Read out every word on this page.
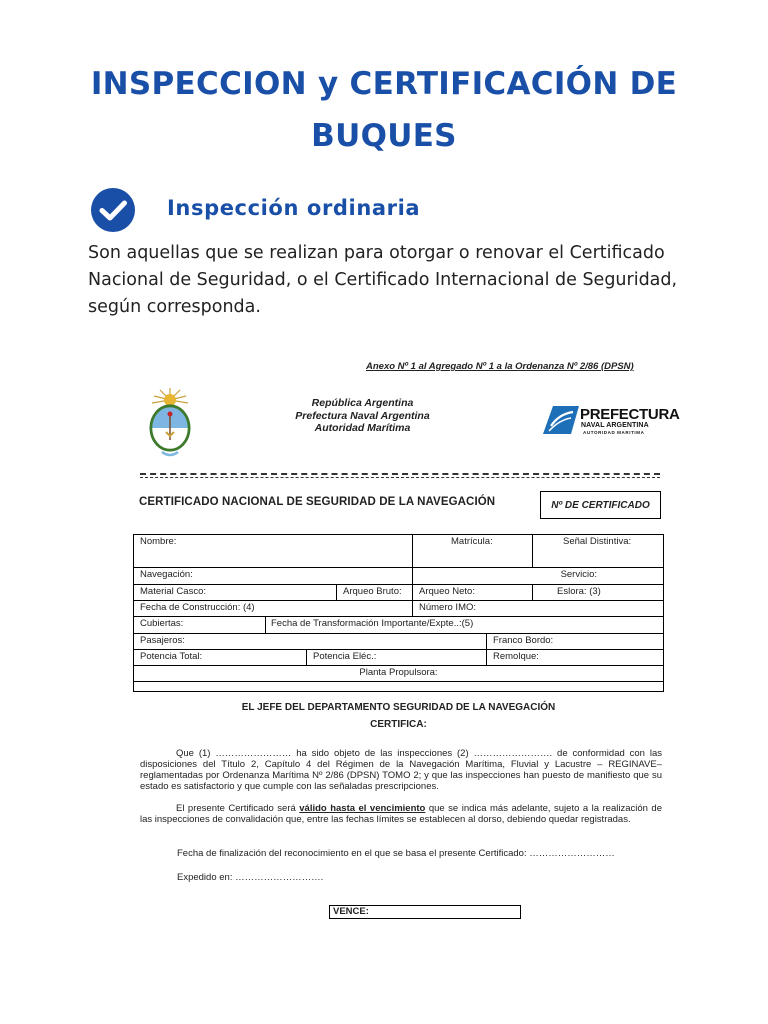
INSPECCION y CERTIFICACIÓN DE
BUQUES
Inspección ordinaria
Son aquellas que se realizan para otorgar o renovar el Certificado Nacional de Seguridad, o el Certificado Internacional de Seguridad, según corresponda.
Anexo Nº 1 al Agregado Nº 1 a la Ordenanza Nº 2/86 (DPSN)
República Argentina
Prefectura Naval Argentina
Autoridad Marítima
PREFECTURA
NAVAL ARGENTINA
AUTORIDAD MARITIMA
CERTIFICADO NACIONAL DE SEGURIDAD DE LA NAVEGACIÓN	Nº DE CERTIFICADO
Nombre:	Matrícula:	Señal Distintiva:
Navegación:	Servicio:
Material Casco:	Arqueo Bruto:	Arqueo Neto:	Eslora: (3)
Fecha de Construcción: (4)	Número IMO:
Cubiertas:	Fecha de Transformación Importante/Expte..:(5)
Pasajeros:	Franco Bordo:
Potencia Total:	Potencia Eléc.:	Remolque:
Planta Propulsora:
EL JEFE DEL DEPARTAMENTO SEGURIDAD DE LA NAVEGACIÓN
CERTIFICA:
Que (1) …………………… ha sido objeto de las inspecciones (2) ……………………. de conformidad con las disposiciones del Título 2, Capítulo 4 del Régimen de la Navegación Marítima, Fluvial y Lacustre – REGINAVE– reglamentadas por Ordenanza Marítima Nº 2/86 (DPSN) TOMO 2; y que las inspecciones han puesto de manifiesto que su estado es satisfactorio y que cumple con las señaladas prescripciones.
El presente Certificado será válido hasta el vencimiento que se indica más adelante, sujeto a la realización de las inspecciones de convalidación que, entre las fechas límites se establecen al dorso, debiendo quedar registradas.
Fecha de finalización del reconocimiento en el que se basa el presente Certificado: ………………………
Expedido en: ……………………….
VENCE:
